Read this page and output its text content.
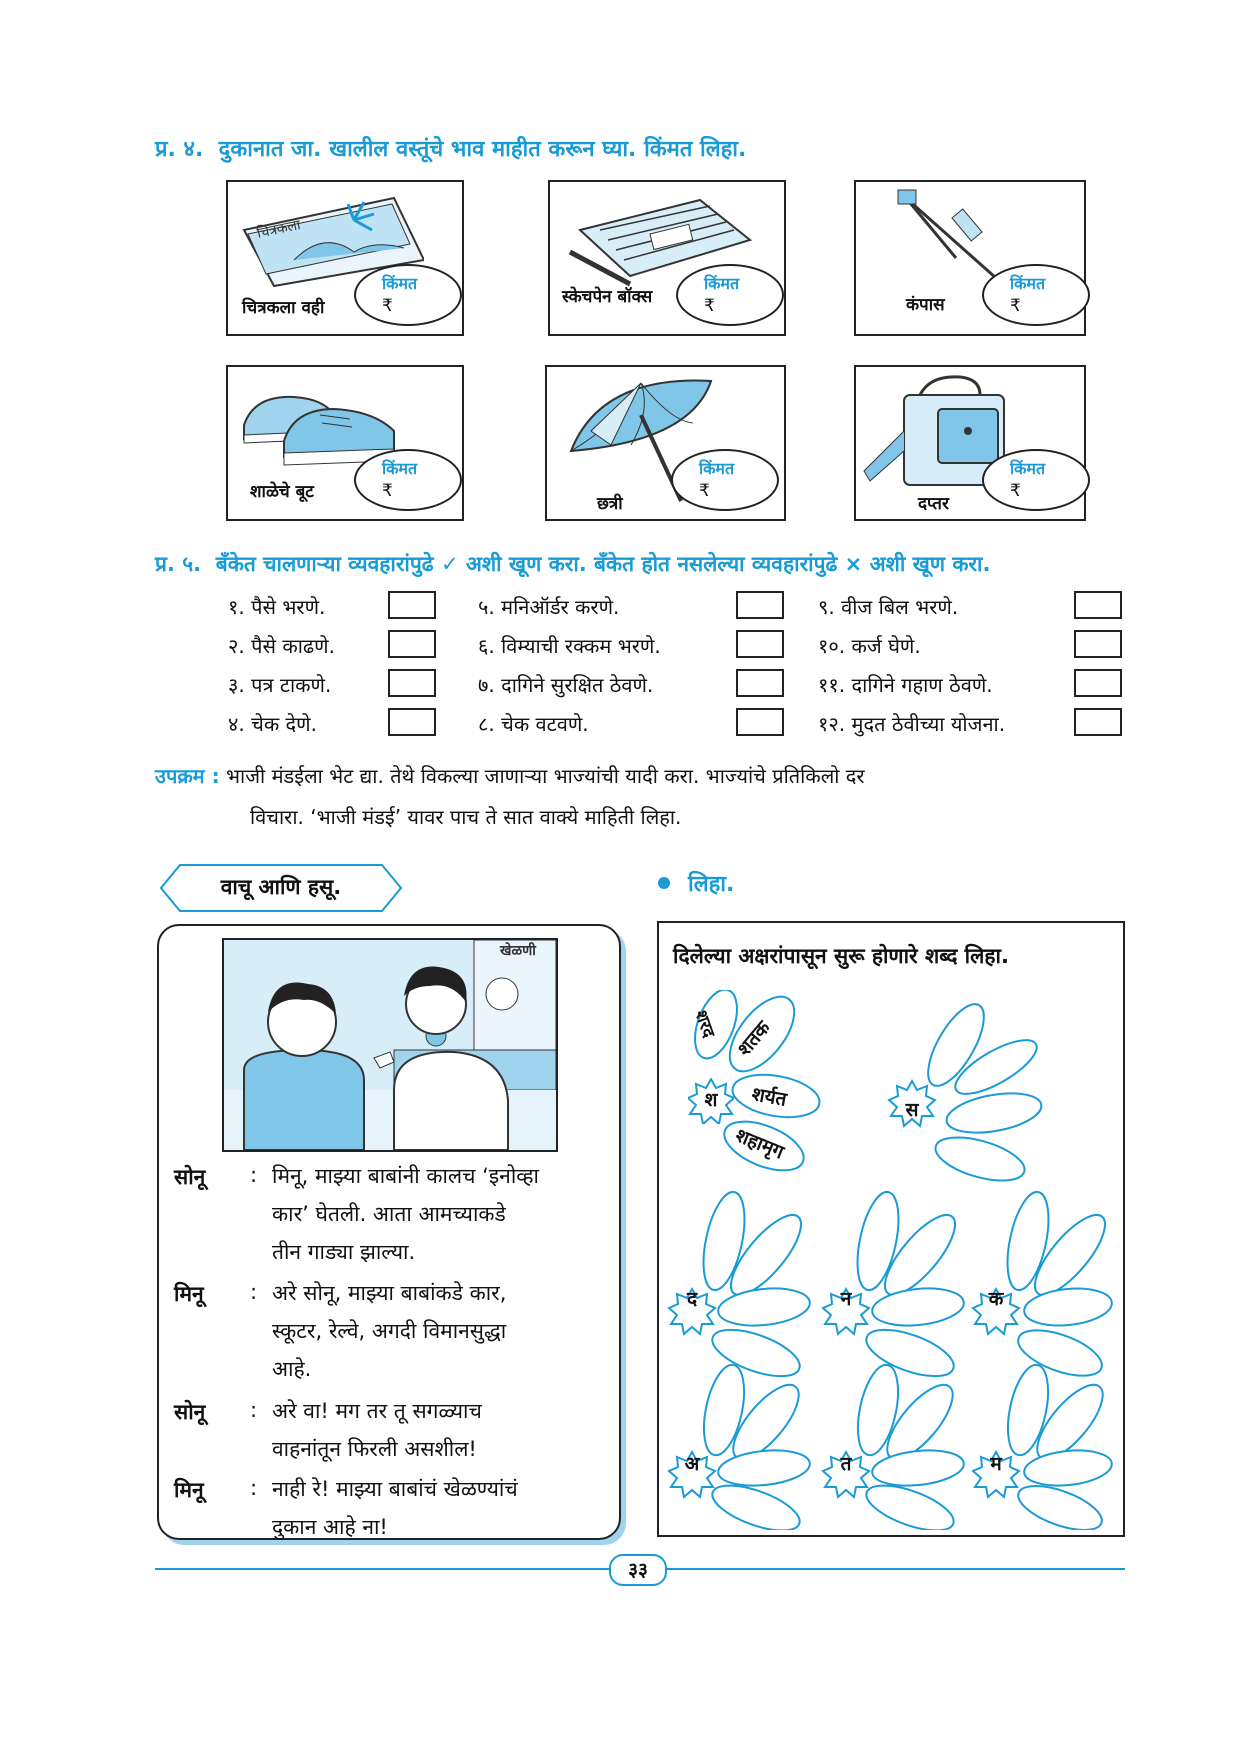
प्र. ४. दुकानात जा. खालील वस्तूंचे भाव माहीत करून घ्या. किंमत लिहा.
चित्रकला
चित्रकला वही
किंमत
₹	स्केचपेन बॉक्स
किंमत
₹	कंपास
किंमत
₹
शाळेचे बूट
किंमत
₹
छत्री
किंमत
₹
दप्तर
किंमत
₹
प्र. ५. बँकेत चालणाऱ्या व्यवहारांपुढे ✓ अशी खूण करा. बँकेत होत नसलेल्या व्यवहारांपुढे × अशी खूण करा.
१. पैसे भरणे.
२. पैसे काढणे.
३. पत्र टाकणे.
४. चेक देणे.
५. मनिऑर्डर करणे.
६. विम्याची रक्कम भरणे.
७. दागिने सुरक्षित ठेवणे.
८. चेक वटवणे.
९. वीज बिल भरणे.
१०. कर्ज घेणे.
११. दागिने गहाण ठेवणे.
१२. मुदत ठेवीच्या योजना.
उपक्रम : भाजी मंडईला भेट द्या. तेथे विकल्या जाणाऱ्या भाज्यांची यादी करा. भाज्यांचे प्रतिकिलो दर
विचारा. ‘भाजी मंडई’ यावर पाच ते सात वाक्ये माहिती लिहा.
वाचू आणि हसू.
खेळणी
सोनू : मिनू, माझ्या बाबांनी कालच ‘इनोव्हा
कार’ घेतली. आता आमच्याकडे
तीन गाड्या झाल्या.
मिनू : अरे सोनू, माझ्या बाबांकडे कार,
स्कूटर, रेल्वे, अगदी विमानसुद्धा
आहे.
सोनू : अरे वा! मग तर तू सगळ्याच
वाहनांतून फिरली असशील!
मिनू : नाही रे! माझ्या बाबांचं खेळण्यांचं
दुकान आहे ना!
लिहा.
दिलेल्या अक्षरांपासून सुरू होणारे शब्द लिहा.
शरद शतक
शर्यत
शहामृग
श	स
द	न	क
अ	त	म
३३
